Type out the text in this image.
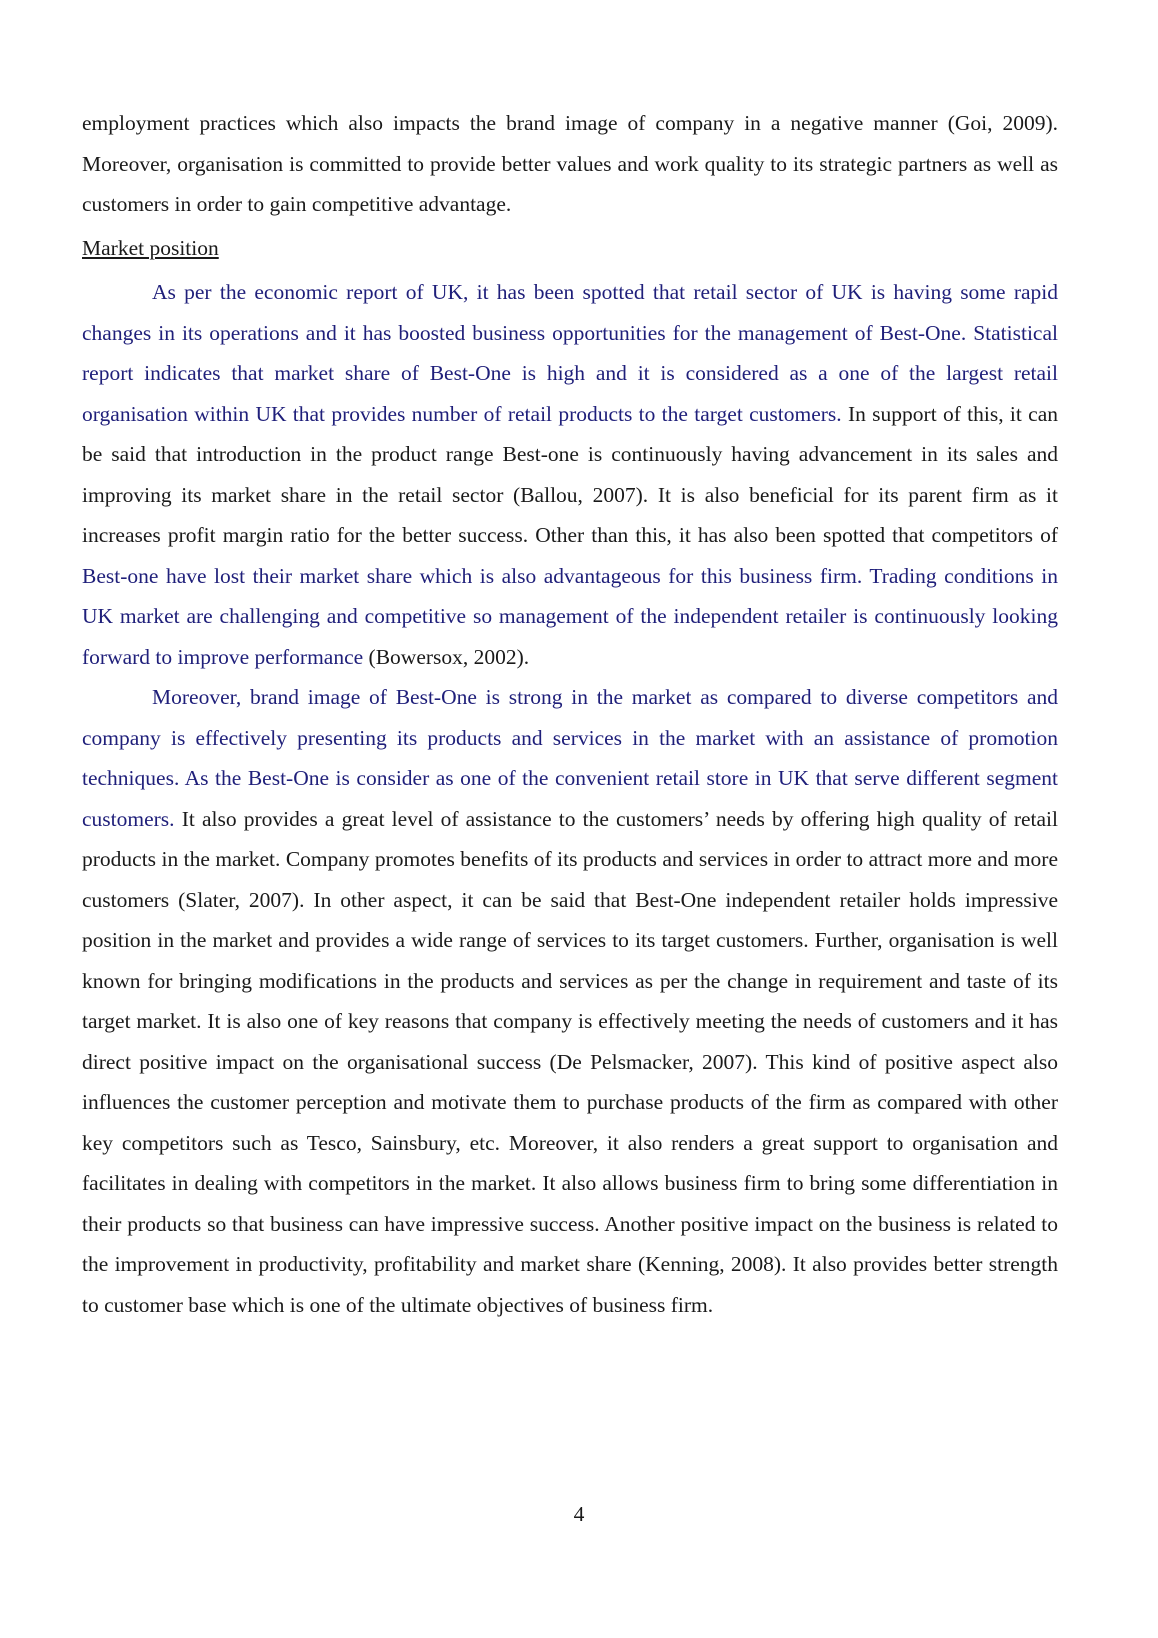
employment practices which also impacts the brand image of company in a negative manner (Goi, 2009). Moreover, organisation is committed to provide better values and work quality to its strategic partners as well as customers in order to gain competitive advantage.

Market position

As per the economic report of UK, it has been spotted that retail sector of UK is having some rapid changes in its operations and it has boosted business opportunities for the management of Best-One. Statistical report indicates that market share of Best-One is high and it is considered as a one of the largest retail organisation within UK that provides number of retail products to the target customers. In support of this, it can be said that introduction in the product range Best-one is continuously having advancement in its sales and improving its market share in the retail sector (Ballou, 2007). It is also beneficial for its parent firm as it increases profit margin ratio for the better success. Other than this, it has also been spotted that competitors of Best-one have lost their market share which is also advantageous for this business firm. Trading conditions in UK market are challenging and competitive so management of the independent retailer is continuously looking forward to improve performance (Bowersox, 2002).

Moreover, brand image of Best-One is strong in the market as compared to diverse competitors and company is effectively presenting its products and services in the market with an assistance of promotion techniques. As the Best-One is consider as one of the convenient retail store in UK that serve different segment customers. It also provides a great level of assistance to the customers’ needs by offering high quality of retail products in the market. Company promotes benefits of its products and services in order to attract more and more customers (Slater, 2007). In other aspect, it can be said that Best-One independent retailer holds impressive position in the market and provides a wide range of services to its target customers. Further, organisation is well known for bringing modifications in the products and services as per the change in requirement and taste of its target market. It is also one of key reasons that company is effectively meeting the needs of customers and it has direct positive impact on the organisational success (De Pelsmacker, 2007). This kind of positive aspect also influences the customer perception and motivate them to purchase products of the firm as compared with other key competitors such as Tesco, Sainsbury, etc. Moreover, it also renders a great support to organisation and facilitates in dealing with competitors in the market. It also allows business firm to bring some differentiation in their products so that business can have impressive success. Another positive impact on the business is related to the improvement in productivity, profitability and market share (Kenning, 2008). It also provides better strength to customer base which is one of the ultimate objectives of business firm.

4
